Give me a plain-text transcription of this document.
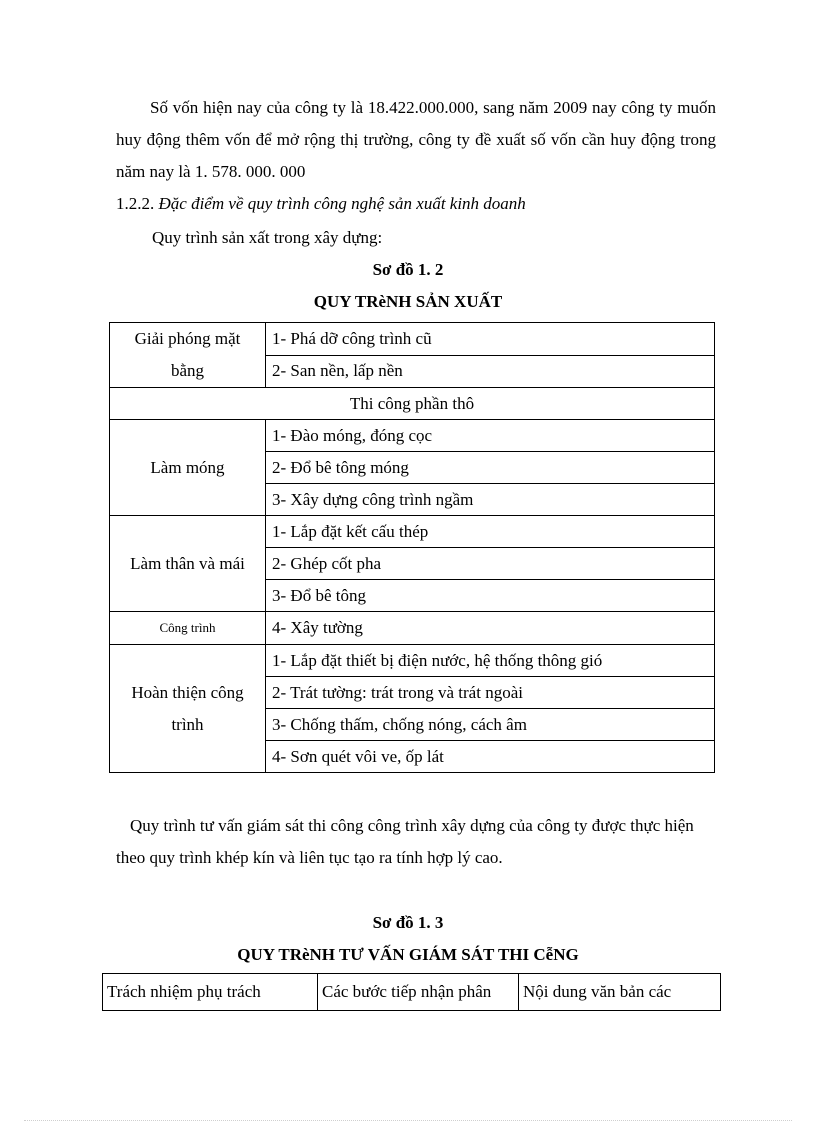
Số vốn hiện nay của công ty là 18.422.000.000, sang năm 2009 nay công ty muốn huy động thêm vốn để mở rộng thị trường, công ty đề xuất số vốn cần huy động trong năm nay là 1. 578. 000. 000

1.2.2. Đặc điểm về quy trình công nghệ sản xuất kinh doanh

Quy trình sản xất trong xây dựng:

Sơ đồ 1. 2

QUY TRèNH SẢN XUẤT

Giải phóng mặt bằng	1- Phá dỡ công trình cũ
	2- San nền, lấp nền
Thi công phần thô	
Làm móng	1- Đào móng, đóng cọc
	2- Đổ bê tông móng
	3- Xây dựng công trình ngầm
Làm thân và mái	1- Lắp đặt kết cấu thép
	2- Ghép cốt pha
	3- Đổ bê tông
Công trình	4- Xây tường
Hoàn thiện công trình	1- Lắp đặt thiết bị điện nước, hệ thống thông gió
	2- Trát tường: trát trong và trát ngoài
	3- Chống thấm, chống nóng, cách âm
	4- Sơn quét vôi ve, ốp lát

Quy trình tư vấn giám sát thi công công trình xây dựng của công ty được thực hiện theo quy trình khép kín và liên tục tạo ra tính hợp lý cao.

Sơ đồ 1. 3

QUY TRèNH TƯ VẤN GIÁM SÁT THI CễNG

Trách nhiệm phụ trách	Các bước tiếp nhận phân	Nội dung văn bản các
